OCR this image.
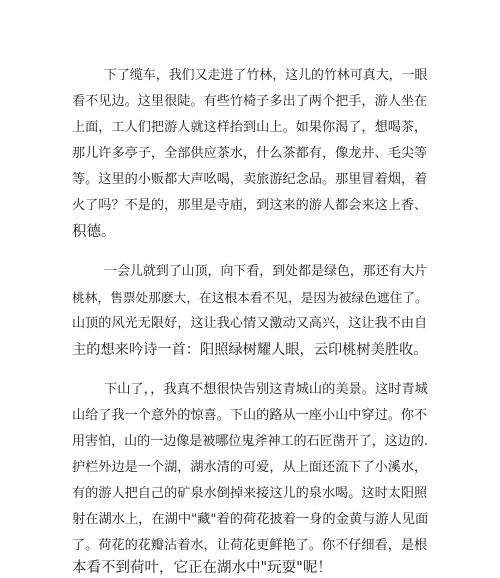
下了缆车，我们又走进了竹林，这儿的竹林可真大，一眼
看不见边。这里很陡。有些竹椅子多出了两个把手，游人坐在
上面，工人们把游人就这样抬到山上。如果你渴了，想喝茶，
那儿许多亭子，全部供应茶水，什么茶都有，像龙井、毛尖等
等。这里的小贩都大声吆喝，卖旅游纪念品。那里冒着烟，着
火了吗？不是的，那里是寺庙，到这来的游人都会来这上香、
积德。
一会儿就到了山顶，向下看，到处都是绿色，那还有大片
桃林，售票处那麽大，在这根本看不见，是因为被绿色遮住了。
山顶的风光无限好，这让我心情又激动又高兴，这让我不由自
主的想来吟诗一首：阳照绿树耀人眼，云印桃树美胜收。
下山了，，我真不想很快告别这青城山的美景。这时青城
山给了我一个意外的惊喜。下山的路从一座小山中穿过。你不
用害怕，山的一边像是被哪位鬼斧神工的石匠凿开了，这边的.
护栏外边是一个湖，湖水清的可爱，从上面还流下了小溪水，
有的游人把自己的矿泉水倒掉来接这儿的泉水喝。这时太阳照
射在湖水上，在湖中"藏"着的荷花披着一身的金黄与游人见面
了。荷花的花瓣沾着水，让荷花更鲜艳了。你不仔细看，是根
本看不到荷叶，它正在湖水中"玩耍"呢！
